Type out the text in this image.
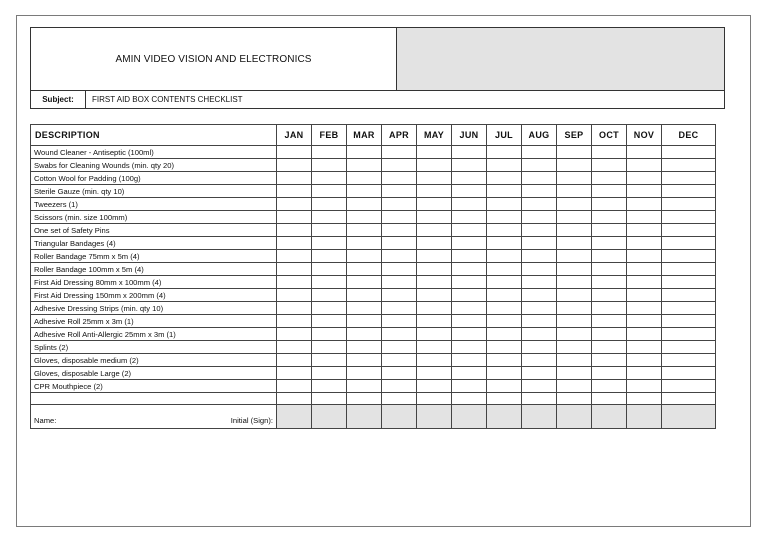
AMIN VIDEO VISION AND ELECTRONICS
Subject:	FIRST AID BOX CONTENTS CHECKLIST
DESCRIPTION	JAN	FEB	MAR	APR	MAY	JUN	JUL	AUG	SEP	OCT	NOV	DEC
Wound Cleaner - Antiseptic (100ml)												
Swabs for Cleaning Wounds (min. qty 20)												
Cotton Wool for Padding (100g)												
Sterile Gauze (min. qty 10)												
Tweezers (1)												
Scissors (min. size 100mm)												
One set of Safety Pins												
Triangular Bandages (4)												
Roller Bandage 75mm x 5m (4)												
Roller Bandage 100mm x 5m (4)												
First Aid Dressing 80mm x 100mm (4)												
First Aid Dressing 150mm x 200mm (4)												
Adhesive Dressing Strips (min. qty 10)												
Adhesive Roll 25mm x 3m (1)												
Adhesive Roll Anti-Allergic 25mm x 3m (1)												
Splints (2)												
Gloves, disposable medium (2)												
Gloves, disposable Large (2)												
CPR Mouthpiece (2)												

Name: Initial (Sign):												
